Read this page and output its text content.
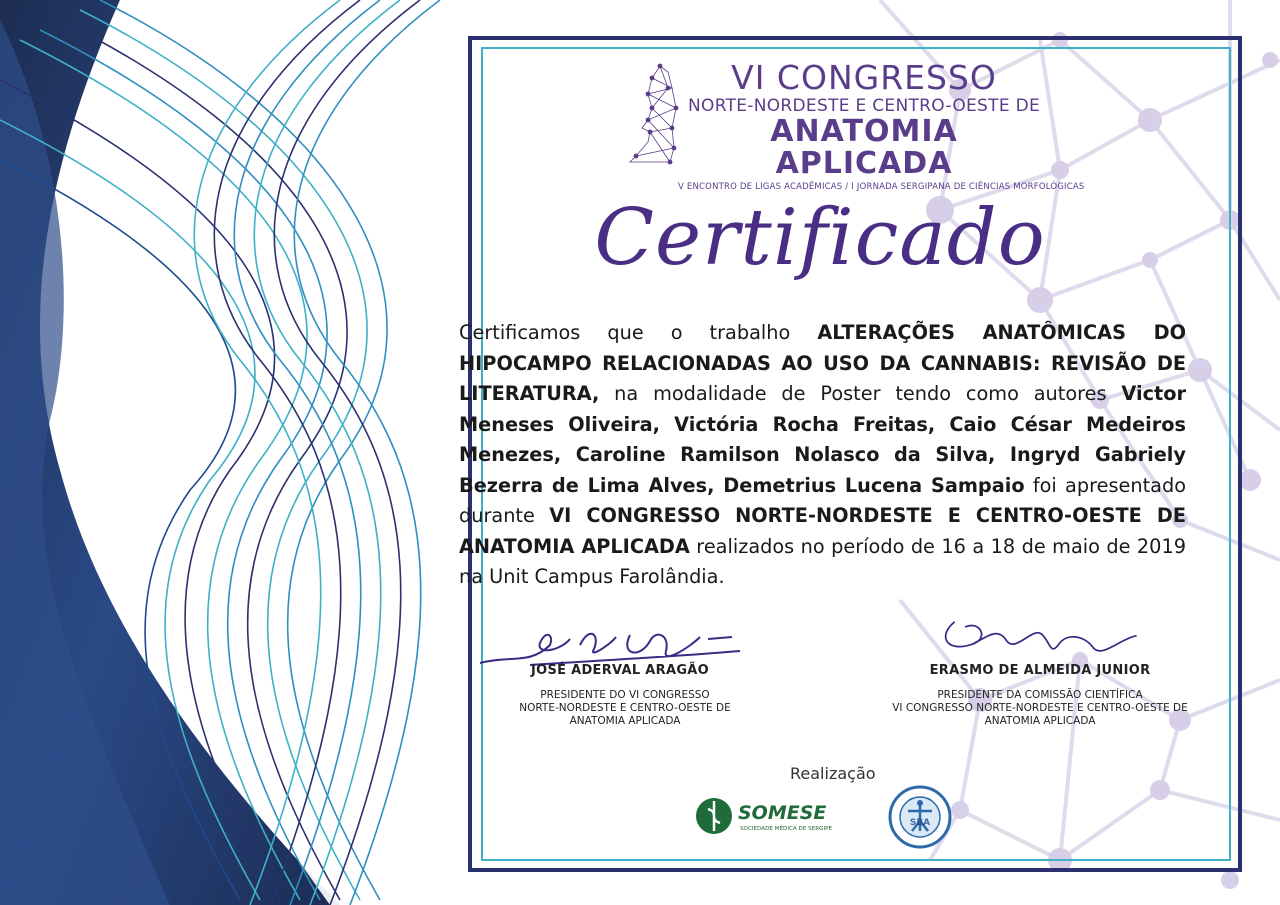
VI CONGRESSO
NORTE-NORDESTE E CENTRO-OESTE DE
ANATOMIA APLICADA
V ENCONTRO DE LIGAS ACADÊMICAS / I JORNADA SERGIPANA DE CIÊNCIAS MORFOLÓGICAS
Certificado
Certificamos que o trabalho ALTERAÇÕES ANATÔMICAS DO HIPOCAMPO RELACIONADAS AO USO DA CANNABIS: REVISÃO DE LITERATURA, na modalidade de Poster tendo como autores Victor Meneses Oliveira, Victória Rocha Freitas, Caio César Medeiros Menezes, Caroline Ramilson Nolasco da Silva, Ingryd Gabriely Bezerra de Lima Alves, Demetrius Lucena Sampaio foi apresentado durante VI CONGRESSO NORTE-NORDESTE E CENTRO-OESTE DE ANATOMIA APLICADA realizados no período de 16 a 18 de maio de 2019 na Unit Campus Farolândia.
JOSÉ ADERVAL ARAGÃO
PRESIDENTE DO VI CONGRESSO
NORTE-NORDESTE E CENTRO-OESTE DE
ANATOMIA APLICADA
ERASMO DE ALMEIDA JUNIOR
PRESIDENTE DA COMISSÃO CIENTÍFICA
VI CONGRESSO NORTE-NORDESTE E CENTRO-OESTE DE
ANATOMIA APLICADA
Realização
SOMESE
SOCIEDADE MÉDICA DE SERGIPE
SBA
